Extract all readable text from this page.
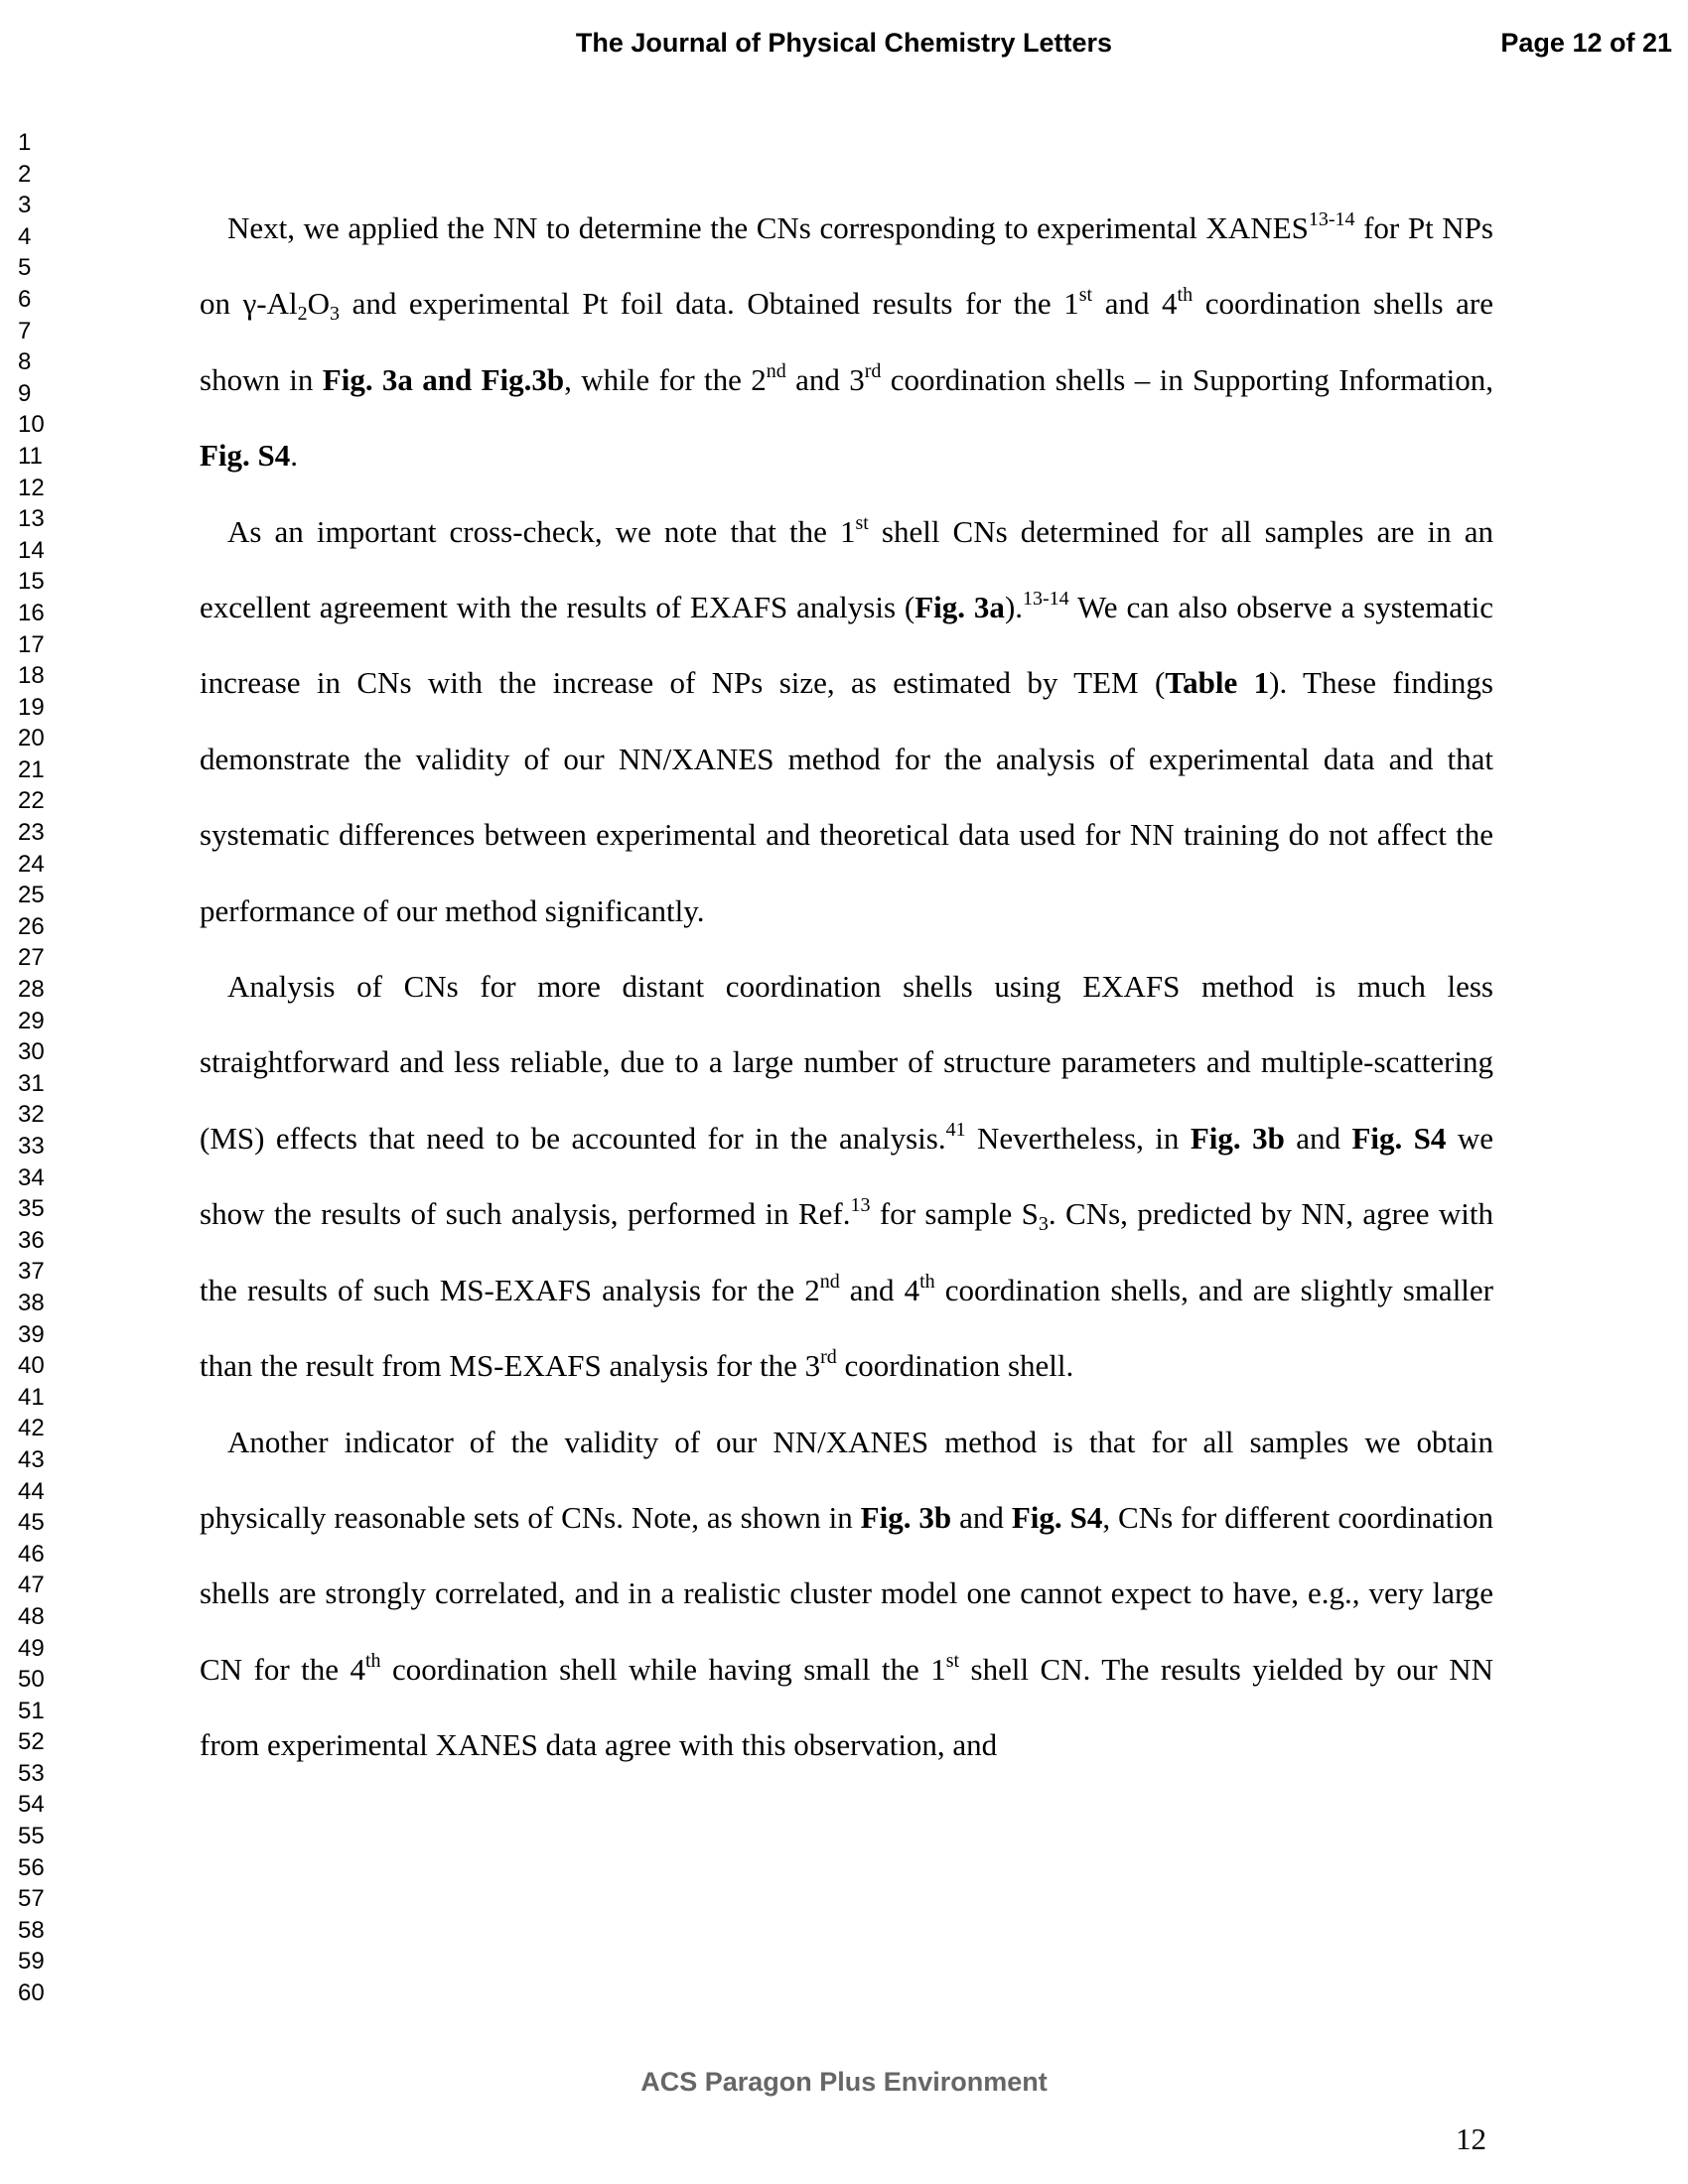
The Journal of Physical Chemistry Letters	Page 12 of 21
1
2
3
4
5
6
7
8
9
10
11
12
13
14
15
16
17
18
19
20
21
22
23
24
25
26
27
28
29
30
31
32
33
34
35
36
37
38
39
40
41
42
43
44
45
46
47
48
49
50
51
52
53
54
55
56
57
58
59
60

Next, we applied the NN to determine the CNs corresponding to experimental XANES$^{13-14}$ for Pt NPs on $\gamma-Al_2O_3$ and experimental Pt foil data. Obtained results for the 1st and 4th coordination shells are shown in Fig. 3a and Fig.3b, while for the 2nd and 3rd coordination shells – in Supporting Information, Fig. S4.

As an important cross-check, we note that the 1st shell CNs determined for all samples are in an excellent agreement with the results of EXAFS analysis (Fig. 3a).$^{13-14}$ We can also observe a systematic increase in CNs with the increase of NPs size, as estimated by TEM (Table 1). These findings demonstrate the validity of our NN/XANES method for the analysis of experimental data and that systematic differences between experimental and theoretical data used for NN training do not affect the performance of our method significantly.

Analysis of CNs for more distant coordination shells using EXAFS method is much less straightforward and less reliable, due to a large number of structure parameters and multiple-scattering (MS) effects that need to be accounted for in the analysis.$^{41}$ Nevertheless, in Fig. 3b and Fig. S4 we show the results of such analysis, performed in Ref.$^{13}$ for sample $S_3$. CNs, predicted by NN, agree with the results of such MS-EXAFS analysis for the 2nd and 4th coordination shells, and are slightly smaller than the result from MS-EXAFS analysis for the 3rd coordination shell.

Another indicator of the validity of our NN/XANES method is that for all samples we obtain physically reasonable sets of CNs. Note, as shown in Fig. 3b and Fig. S4, CNs for different coordination shells are strongly correlated, and in a realistic cluster model one cannot expect to have, e.g., very large CN for the 4th coordination shell while having small the 1st shell CN. The results yielded by our NN from experimental XANES data agree with this observation, and

ACS Paragon Plus Environment
12
